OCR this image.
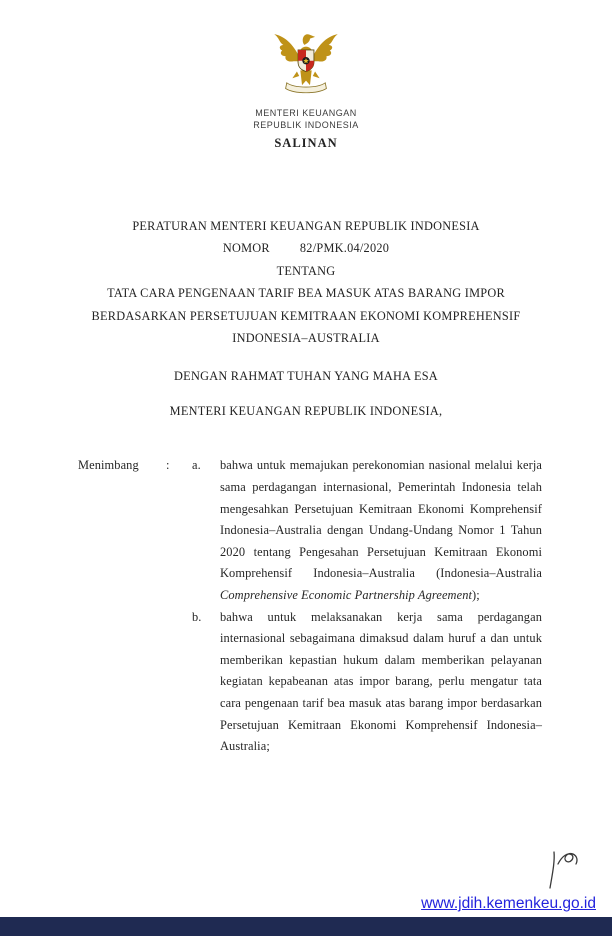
MENTERI KEUANGAN
REPUBLIK INDONESIA
SALINAN
PERATURAN MENTERI KEUANGAN REPUBLIK INDONESIA
NOMOR 82/PMK.04/2020
TENTANG
TATA CARA PENGENAAN TARIF BEA MASUK ATAS BARANG IMPOR
BERDASARKAN PERSETUJUAN KEMITRAAN EKONOMI KOMPREHENSIF
INDONESIA–AUSTRALIA
DENGAN RAHMAT TUHAN YANG MAHA ESA
MENTERI KEUANGAN REPUBLIK INDONESIA,
Menimbang	:	a.	bahwa untuk memajukan perekonomian nasional melalui kerja sama perdagangan internasional, Pemerintah Indonesia telah mengesahkan Persetujuan Kemitraan Ekonomi Komprehensif Indonesia–Australia dengan Undang-Undang Nomor 1 Tahun 2020 tentang Pengesahan Persetujuan Kemitraan Ekonomi Komprehensif Indonesia–Australia (Indonesia–Australia Comprehensive Economic Partnership Agreement);
b.	bahwa untuk melaksanakan kerja sama perdagangan internasional sebagaimana dimaksud dalam huruf a dan untuk memberikan kepastian hukum dalam memberikan pelayanan kegiatan kepabeanan atas impor barang, perlu mengatur tata cara pengenaan tarif bea masuk atas barang impor berdasarkan Persetujuan Kemitraan Ekonomi Komprehensif Indonesia–Australia;
www.jdih.kemenkeu.go.id
